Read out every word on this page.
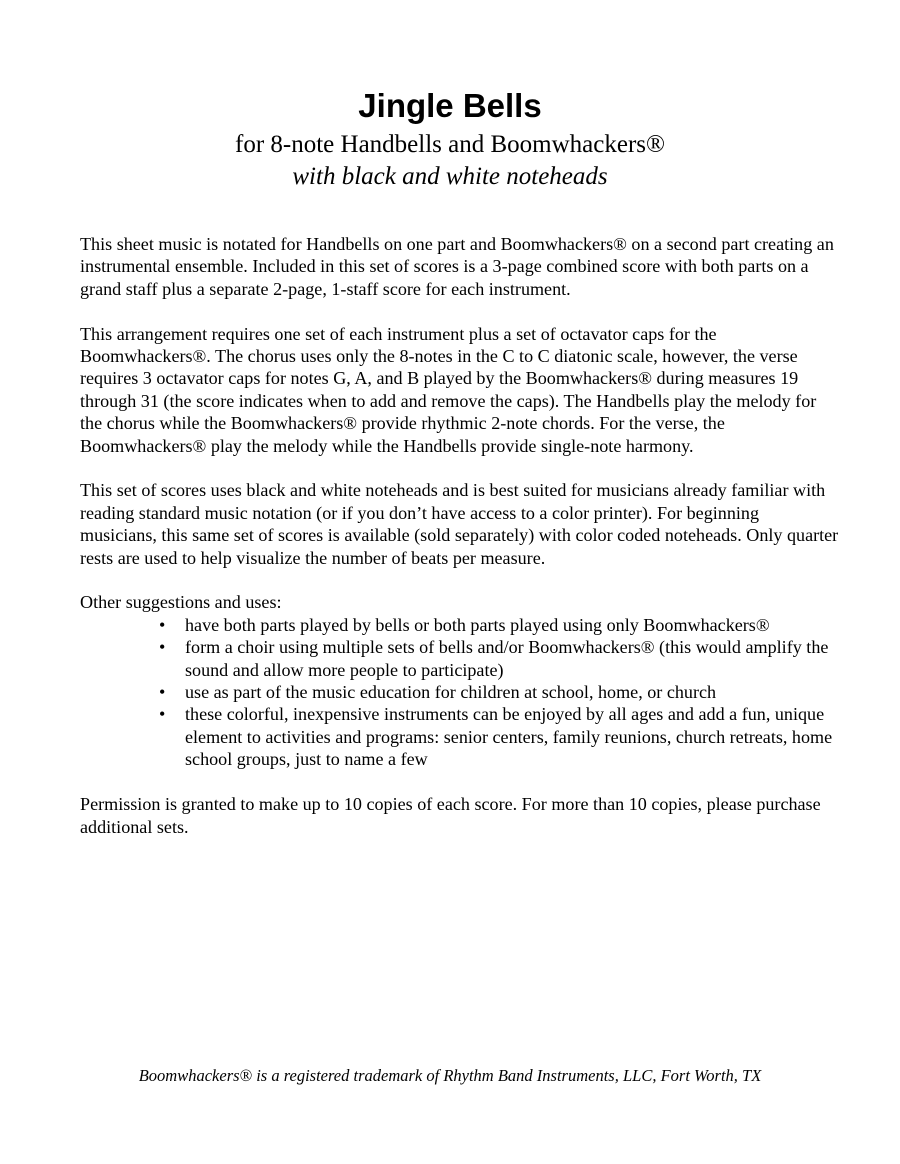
Jingle Bells
for 8-note Handbells and Boomwhackers®
with black and white noteheads

This sheet music is notated for Handbells on one part and Boomwhackers® on a second part creating an instrumental ensemble. Included in this set of scores is a 3-page combined score with both parts on a grand staff plus a separate 2-page, 1-staff score for each instrument.

This arrangement requires one set of each instrument plus a set of octavator caps for the Boomwhackers®. The chorus uses only the 8-notes in the C to C diatonic scale, however, the verse requires 3 octavator caps for notes G, A, and B played by the Boomwhackers® during measures 19 through 31 (the score indicates when to add and remove the caps). The Handbells play the melody for the chorus while the Boomwhackers® provide rhythmic 2-note chords. For the verse, the Boomwhackers® play the melody while the Handbells provide single-note harmony.

This set of scores uses black and white noteheads and is best suited for musicians already familiar with reading standard music notation (or if you don’t have access to a color printer). For beginning musicians, this same set of scores is available (sold separately) with color coded noteheads. Only quarter rests are used to help visualize the number of beats per measure.

Other suggestions and uses:
• have both parts played by bells or both parts played using only Boomwhackers®
• form a choir using multiple sets of bells and/or Boomwhackers® (this would amplify the sound and allow more people to participate)
• use as part of the music education for children at school, home, or church
• these colorful, inexpensive instruments can be enjoyed by all ages and add a fun, unique element to activities and programs: senior centers, family reunions, church retreats, home school groups, just to name a few

Permission is granted to make up to 10 copies of each score. For more than 10 copies, please purchase additional sets.

Boomwhackers® is a registered trademark of Rhythm Band Instruments, LLC, Fort Worth, TX
